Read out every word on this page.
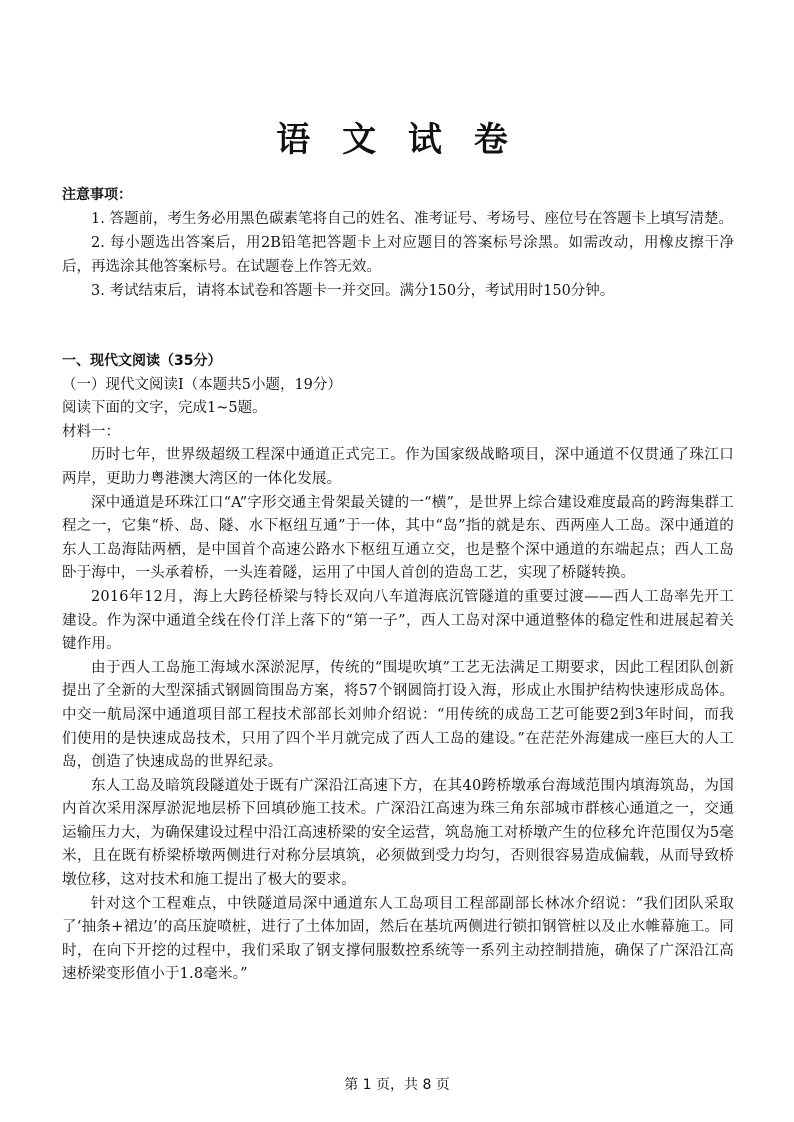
语 文 试 卷
注意事项：

1. 答题前，考生务必用黑色碳素笔将自己的姓名、准考证号、考场号、座位号在答题卡上填写清楚。

2. 每小题选出答案后，用2B铅笔把答题卡上对应题目的答案标号涂黑。如需改动，用橡皮擦干净后，再选涂其他答案标号。在试题卷上作答无效。

3. 考试结束后，请将本试卷和答题卡一并交回。满分150分，考试用时150分钟。

一、现代文阅读（35分）

（一）现代文阅读Ⅰ（本题共5小题，19分）

阅读下面的文字，完成1~5题。

材料一：

历时七年，世界级超级工程深中通道正式完工。作为国家级战略项目，深中通道不仅贯通了珠江口两岸，更助力粤港澳大湾区的一体化发展。

深中通道是环珠江口“A”字形交通主骨架最关键的一“横”，是世界上综合建设难度最高的跨海集群工程之一，它集“桥、岛、隧、水下枢纽互通”于一体，其中“岛”指的就是东、西两座人工岛。深中通道的东人工岛海陆两栖，是中国首个高速公路水下枢纽互通立交，也是整个深中通道的东端起点；西人工岛卧于海中，一头承着桥，一头连着隧，运用了中国人首创的造岛工艺，实现了桥隧转换。

2016年12月，海上大跨径桥梁与特长双向八车道海底沉管隧道的重要过渡——西人工岛率先开工建设。作为深中通道全线在伶仃洋上落下的“第一子”，西人工岛对深中通道整体的稳定性和进展起着关键作用。

由于西人工岛施工海域水深淤泥厚，传统的“围堤吹填”工艺无法满足工期要求，因此工程团队创新提出了全新的大型深插式钢圆筒围岛方案，将57个钢圆筒打设入海，形成止水围护结构快速形成岛体。中交一航局深中通道项目部工程技术部部长刘帅介绍说：“用传统的成岛工艺可能要2到3年时间，而我们使用的是快速成岛技术，只用了四个半月就完成了西人工岛的建设。”在茫茫外海建成一座巨大的人工岛，创造了快速成岛的世界纪录。

东人工岛及暗筑段隧道处于既有广深沿江高速下方，在其40跨桥墩承台海域范围内填海筑岛，为国内首次采用深厚淤泥地层桥下回填砂施工技术。广深沿江高速为珠三角东部城市群核心通道之一，交通运输压力大，为确保建设过程中沿江高速桥梁的安全运营，筑岛施工对桥墩产生的位移允许范围仅为5毫米，且在既有桥梁桥墩两侧进行对称分层填筑，必须做到受力均匀，否则很容易造成偏载，从而导致桥墩位移，这对技术和施工提出了极大的要求。

针对这个工程难点，中铁隧道局深中通道东人工岛项目工程部副部长林冰介绍说：“我们团队采取了‘抽条+裙边’的高压旋喷桩，进行了土体加固，然后在基坑两侧进行锁扣钢管桩以及止水帷幕施工。同时，在向下开挖的过程中，我们采取了钢支撑伺服数控系统等一系列主动控制措施，确保了广深沿江高速桥梁变形值小于1.8毫米。”

第 1 页，共 8 页
